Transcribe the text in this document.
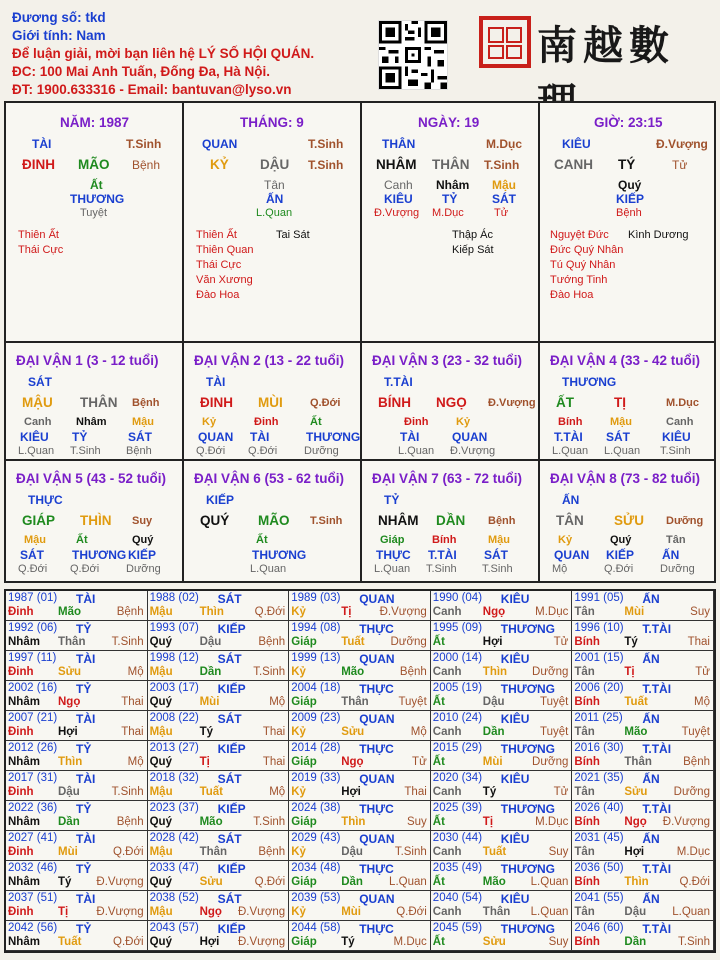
Đương số: tkd
Giới tính: Nam
Để luận giải, mời bạn liên hệ LÝ SỐ HỘI QUÁN.
ĐC: 100 Mai Anh Tuấn, Đống Đa, Hà Nội.
ĐT: 1900.633316 - Email: bantuvan@lyso.vn
南越數
NĂM: 1987
TÀI	T.Sinh
ĐINH MÃO Bệnh
Ất
THƯƠNG
Tuyệt
Thiên Ất
Thái Cực
THÁNG: 9
QUAN	T.Sinh
KỶ DẬU T.Sinh
Tân
ẤN
L.Quan
Thiên Ất
Thiên Quan
Thái Cực
Văn Xương
Đào Hoa
Tai Sát
NGÀY: 19
THÂN	M.Dục
NHÂM THÂN T.Sinh
Canh Nhâm Mậu
KIÊU TỶ	SÁT
Đ.Vượng M.Dục	Tử
Thập Ác
Kiếp Sát
GIỜ: 23:15
KIÊU	Đ.Vượng
CANH TÝ	Tử
Quý
KIẾP
Bệnh
Nguyệt Đức
Đức Quý Nhân
Tú Quý Nhân
Tướng Tinh
Đào Hoa
Kình Dương
ĐẠI VẬN 1 (3 - 12 tuổi)
SÁT
MẬU THÂN Bệnh
Canh
KIÊU
L.Quan
Nhâm
TỶ
T.Sinh
Mậu
SÁT
Bệnh
ĐẠI VẬN 2 (13 - 22 tuổi)
TÀI
ĐINH MÙI Q.Đới
Kỷ
QUAN
Q.Đới
Đinh
TÀI
Q.Đới
Ất
THƯƠNG
Dưỡng
ĐẠI VẬN 3 (23 - 32 tuổi)
T.TÀI
BÍNH NGỌ Đ.Vượng
Đinh
TÀI
L.Quan
Kỷ
QUAN
Đ.Vượng
ĐẠI VẬN 4 (33 - 42 tuổi)
THƯƠNG
ẤT	TỊ	M.Dục
Bính
T.TÀI
L.Quan
Mậu
SÁT
L.Quan
Canh
KIÊU
T.Sinh
ĐẠI VẬN 5 (43 - 52 tuổi)
THỰC
GIÁP THÌN Suy
Mậu
SÁT
Q.Đới
Ất
THƯƠNG
Q.Đới
Quý
KIẾP
Dưỡng
ĐẠI VẬN 6 (53 - 62 tuổi)
KIẾP
QUÝ MÃO T.Sinh
Ất
THƯƠNG
L.Quan
ĐẠI VẬN 7 (63 - 72 tuổi)
TỶ
NHÂM DẦN Bệnh
Giáp
THỰC
L.Quan
Bính
T.TÀI
T.Sinh
Mậu
SÁT
T.Sinh
ĐẠI VẬN 8 (73 - 82 tuổi)
ẤN
TÂN SỬU Dưỡng
Kỷ
QUAN
Mộ
Quý
KIẾP
Q.Đới
Tân
ẤN
Dưỡng
1987 (01) TÀI
Đinh Mão	Bệnh
1988 (02) SÁT
Mậu Thìn	Q.Đới
1989 (03) QUAN
Kỷ	Tị Đ.Vượng
1990 (04) KIÊU
Canh Ngọ	M.Dục
1991 (05) ẤN
Tân	Mùi	Suy
1992 (06) TỶ
Nhâm Thân T.Sinh
1993 (07) KIẾP
Quý Dậu	Bệnh
1994 (08) THỰC
Giáp Tuất Dưỡng
1995 (09) THƯƠNG
Ất	Hợi	Tử
1996 (10) T.TÀI
Bính Tý	Thai
1997 (11) TÀI
Đinh Sửu	Mộ
1998 (12) SÁT
Mậu Dần	T.Sinh
1999 (13) QUAN
Kỷ	Mão	Bệnh
2000 (14) KIÊU
Canh Thìn Dưỡng
2001 (15) ẤN
Tân	Tị	Tử
2002 (16) TỶ
Nhâm Ngọ	Thai
2003 (17) KIẾP
Quý Mùi	Mộ
2004 (18) THỰC
Giáp Thân	Tuyệt
2005 (19) THƯƠNG
Ất	Dậu	Tuyệt
2006 (20) T.TÀI
Bính Tuất	Mộ
2007 (21) TÀI
Đinh Hợi	Thai
2008 (22) SÁT
Mậu Tý	Thai
2009 (23) QUAN
Kỷ	Sửu	Mộ
2010 (24) KIÊU
Canh Dần	Tuyệt
2011 (25) ẤN
Tân	Mão	Tuyệt
2012 (26) TỶ
Nhâm Thìn	Mộ
2013 (27) KIẾP
Quý Tị	Thai
2014 (28) THỰC
Giáp Ngọ	Tử
2015 (29) THƯƠNG
Ất	Mùi	Dưỡng
2016 (30) T.TÀI
Bính Thân	Bệnh
2017 (31) TÀI
Đinh Dậu	T.Sinh
2018 (32) SÁT
Mậu Tuất	Mộ
2019 (33) QUAN
Kỷ	Hợi	Thai
2020 (34) KIÊU
Canh Tý	Tử
2021 (35) ẤN
Tân	Sửu Dưỡng
2022 (36) TỶ
Nhâm Dần	Bệnh
2023 (37) KIẾP
Quý Mão	T.Sinh
2024 (38) THỰC
Giáp Thìn	Suy
2025 (39) THƯƠNG
Ất	Tị	M.Dục
2026 (40) T.TÀI
Bính Ngọ Đ.Vượng
2027 (41) TÀI
Đinh Mùi	Q.Đới
2028 (42) SÁT
Mậu Thân	Bệnh
2029 (43) QUAN
Kỷ	Dậu	T.Sinh
2030 (44) KIÊU
Canh Tuất	Suy
2031 (45) ẤN
Tân	Hợi	M.Dục
2032 (46) TỶ
Nhâm Tý Đ.Vượng
2033 (47) KIẾP
Quý Sửu	Q.Đới
2034 (48) THỰC
Giáp Dần L.Quan
2035 (49) THƯƠNG
Ất	Mão L.Quan
2036 (50) T.TÀI
Bính Thìn	Q.Đới
2037 (51) TÀI
Đinh Tị Đ.Vượng
2038 (52) SÁT
Mậu Ngọ Đ.Vượng
2039 (53) QUAN
Kỷ	Mùi	Q.Đới
2040 (54) KIÊU
Canh Thân L.Quan
2041 (55) ẤN
Tân	Dậu L.Quan
2042 (56) TỶ
Nhâm Tuất	Q.Đới
2043 (57) KIẾP
Quý Hợi Đ.Vượng
2044 (58) THỰC
Giáp Tý	M.Dục
2045 (59) THƯƠNG
Ất	Sửu	Suy
2046 (60) T.TÀI
Bính Dần	T.Sinh
